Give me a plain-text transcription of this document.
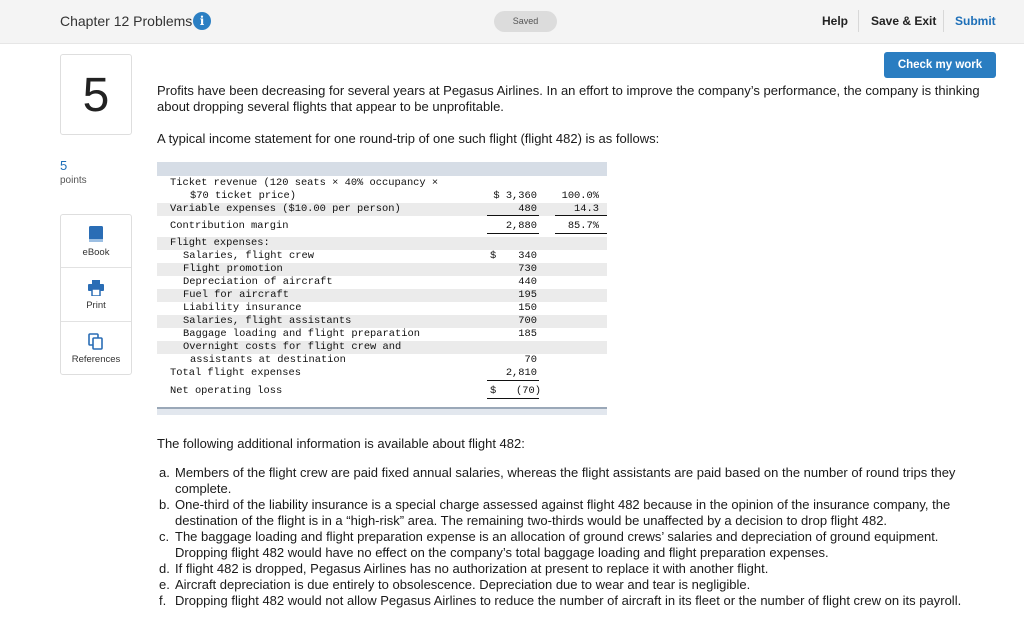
Chapter 12 Problems i	Saved	Help Save & Exit Submit
5
5
points
eBook
Print
References
Check my work
Profits have been decreasing for several years at Pegasus Airlines. In an effort to improve the company’s performance, the company is thinking about dropping several flights that appear to be unprofitable.
A typical income statement for one round-trip of one such flight (flight 482) is as follows:
Ticket revenue (120 seats × 40% occupancy ×
$70 ticket price)	$ 3,360 100.0%
Variable expenses ($10.00 per person)	480	14.3
Contribution margin	2,880	85.7%
Flight expenses:
Salaries, flight crew	$ 340
Flight promotion	730
Depreciation of aircraft	440
Fuel for aircraft	195
Liability insurance	150
Salaries, flight assistants	700
Baggage loading and flight preparation	185
Overnight costs for flight crew and
assistants at destination	70
Total flight expenses	2,810
Net operating loss	$ (70)
The following additional information is available about flight 482:
a. Members of the flight crew are paid fixed annual salaries, whereas the flight assistants are paid based on the number of round trips they complete.
b. One-third of the liability insurance is a special charge assessed against flight 482 because in the opinion of the insurance company, the destination of the flight is in a “high-risk” area. The remaining two-thirds would be unaffected by a decision to drop flight 482.
c. The baggage loading and flight preparation expense is an allocation of ground crews’ salaries and depreciation of ground equipment. Dropping flight 482 would have no effect on the company’s total baggage loading and flight preparation expenses.
d. If flight 482 is dropped, Pegasus Airlines has no authorization at present to replace it with another flight.
e. Aircraft depreciation is due entirely to obsolescence. Depreciation due to wear and tear is negligible.
f. Dropping flight 482 would not allow Pegasus Airlines to reduce the number of aircraft in its fleet or the number of flight crew on its payroll.
